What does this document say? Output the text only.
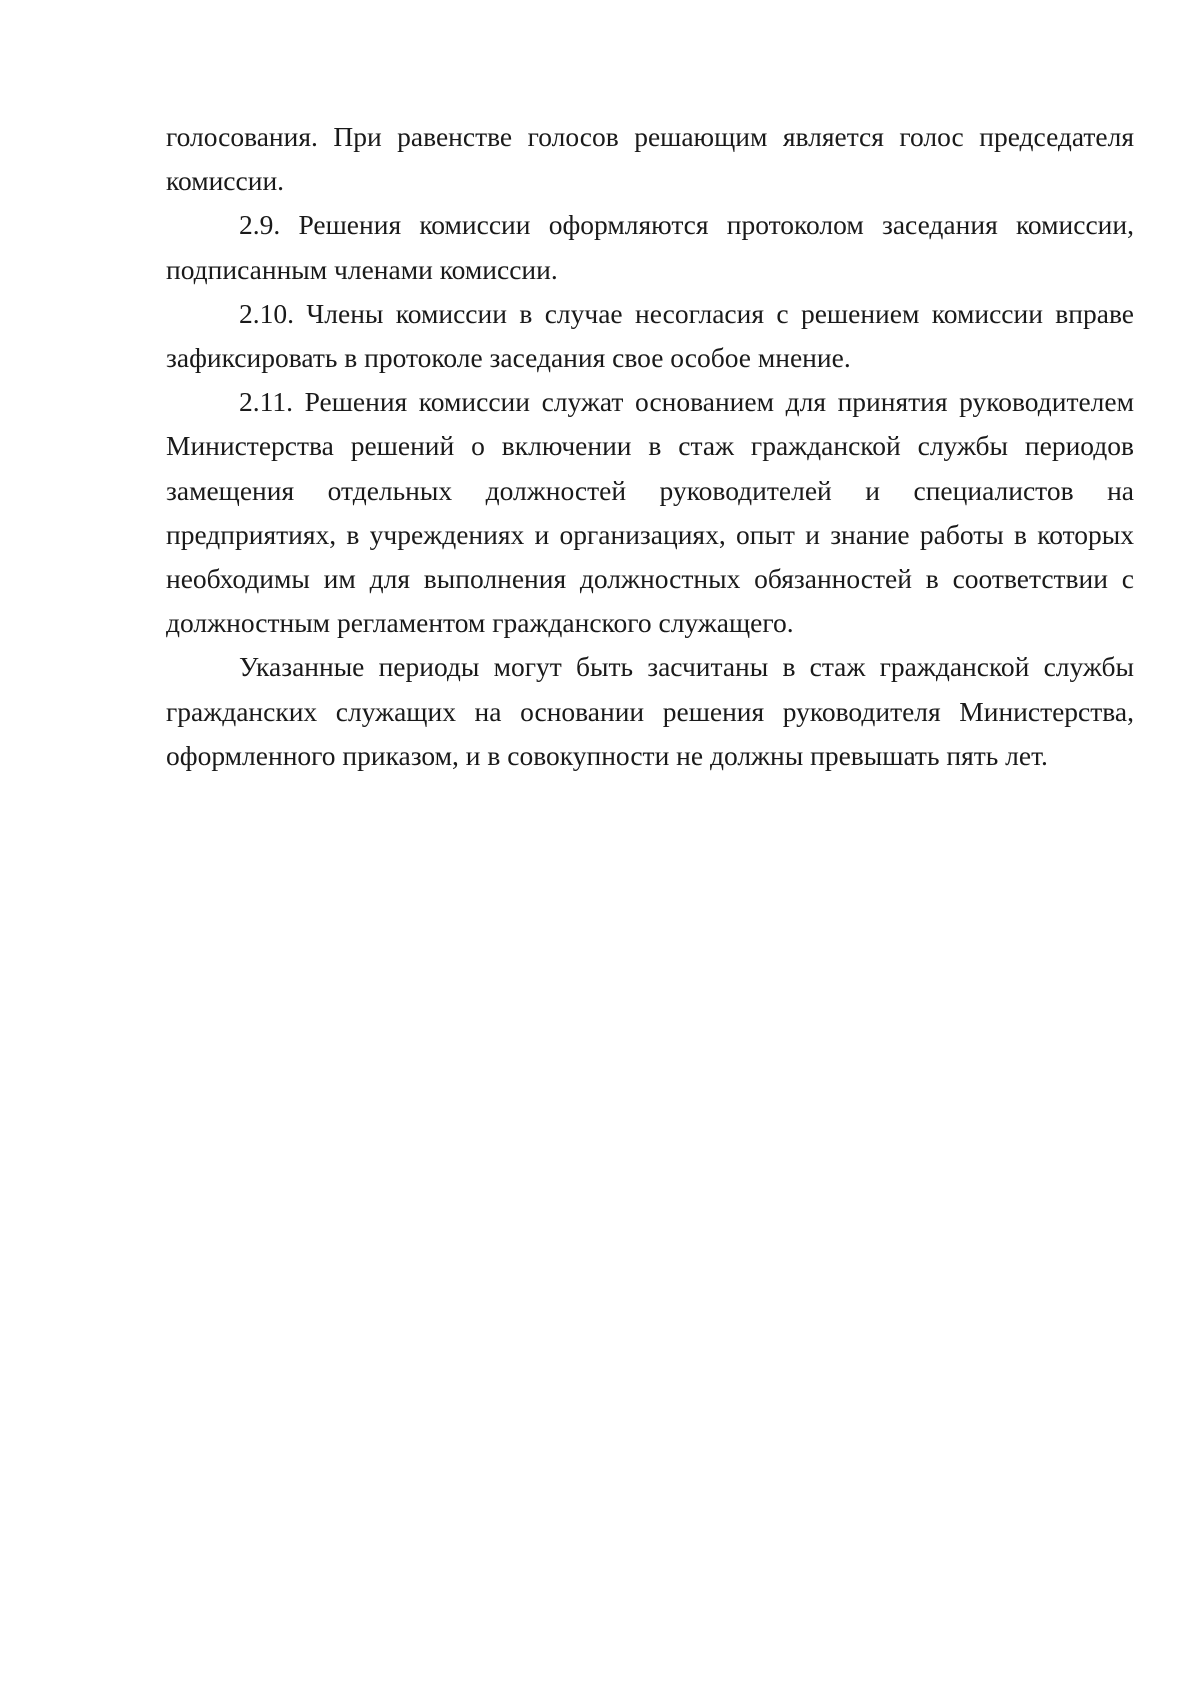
голосования. При равенстве голосов решающим является голос председателя комиссии.

2.9. Решения комиссии оформляются протоколом заседания комиссии, подписанным членами комиссии.

2.10. Члены комиссии в случае несогласия с решением комиссии вправе зафиксировать в протоколе заседания свое особое мнение.

2.11. Решения комиссии служат основанием для принятия руководителем Министерства решений о включении в стаж гражданской службы периодов замещения отдельных должностей руководителей и специалистов на предприятиях, в учреждениях и организациях, опыт и знание работы в которых необходимы им для выполнения должностных обязанностей в соответствии с должностным регламентом гражданского служащего.

Указанные периоды могут быть засчитаны в стаж гражданской службы гражданских служащих на основании решения руководителя Министерства, оформленного приказом, и в совокупности не должны превышать пять лет.
